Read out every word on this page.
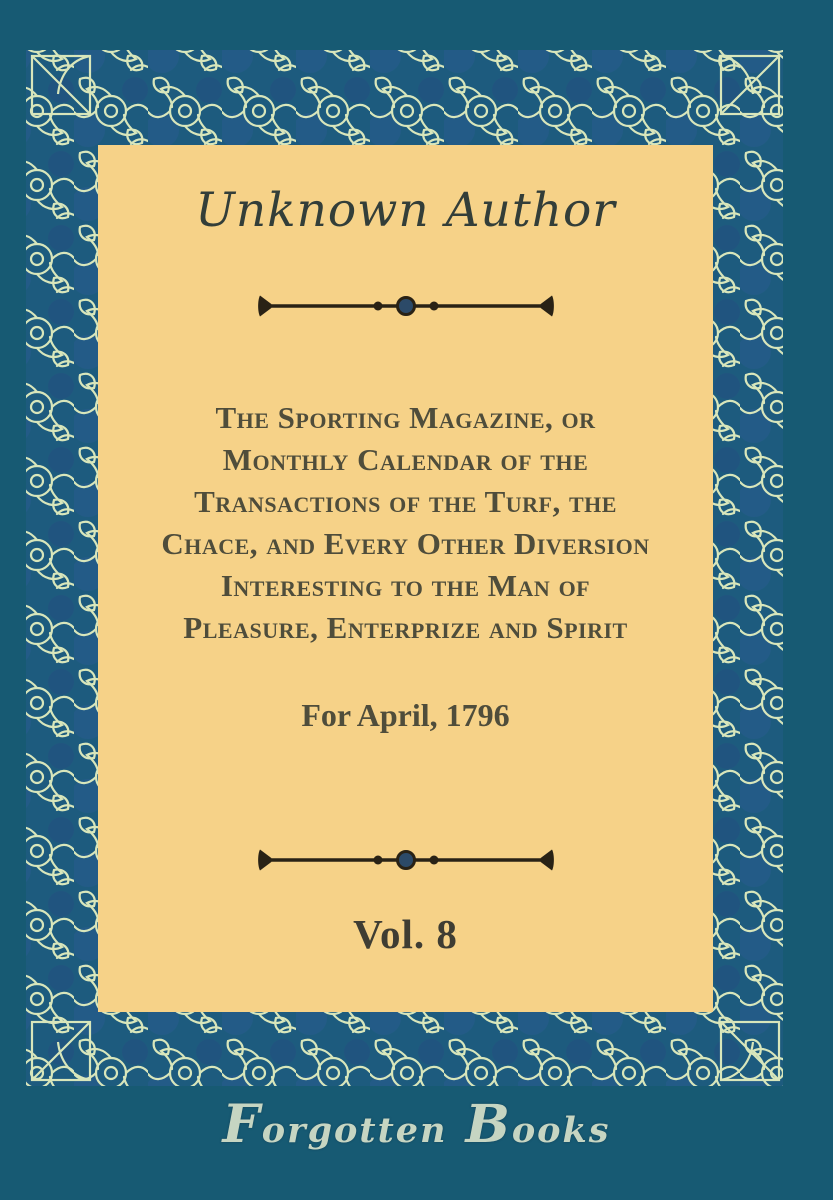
Unknown Author
The Sporting Magazine, or
Monthly Calendar of the
Transactions of the Turf, the
Chace, and Every Other Diversion
Interesting to the Man of
Pleasure, Enterprize and Spirit
For April, 1796
Vol. 8
Forgotten Books
